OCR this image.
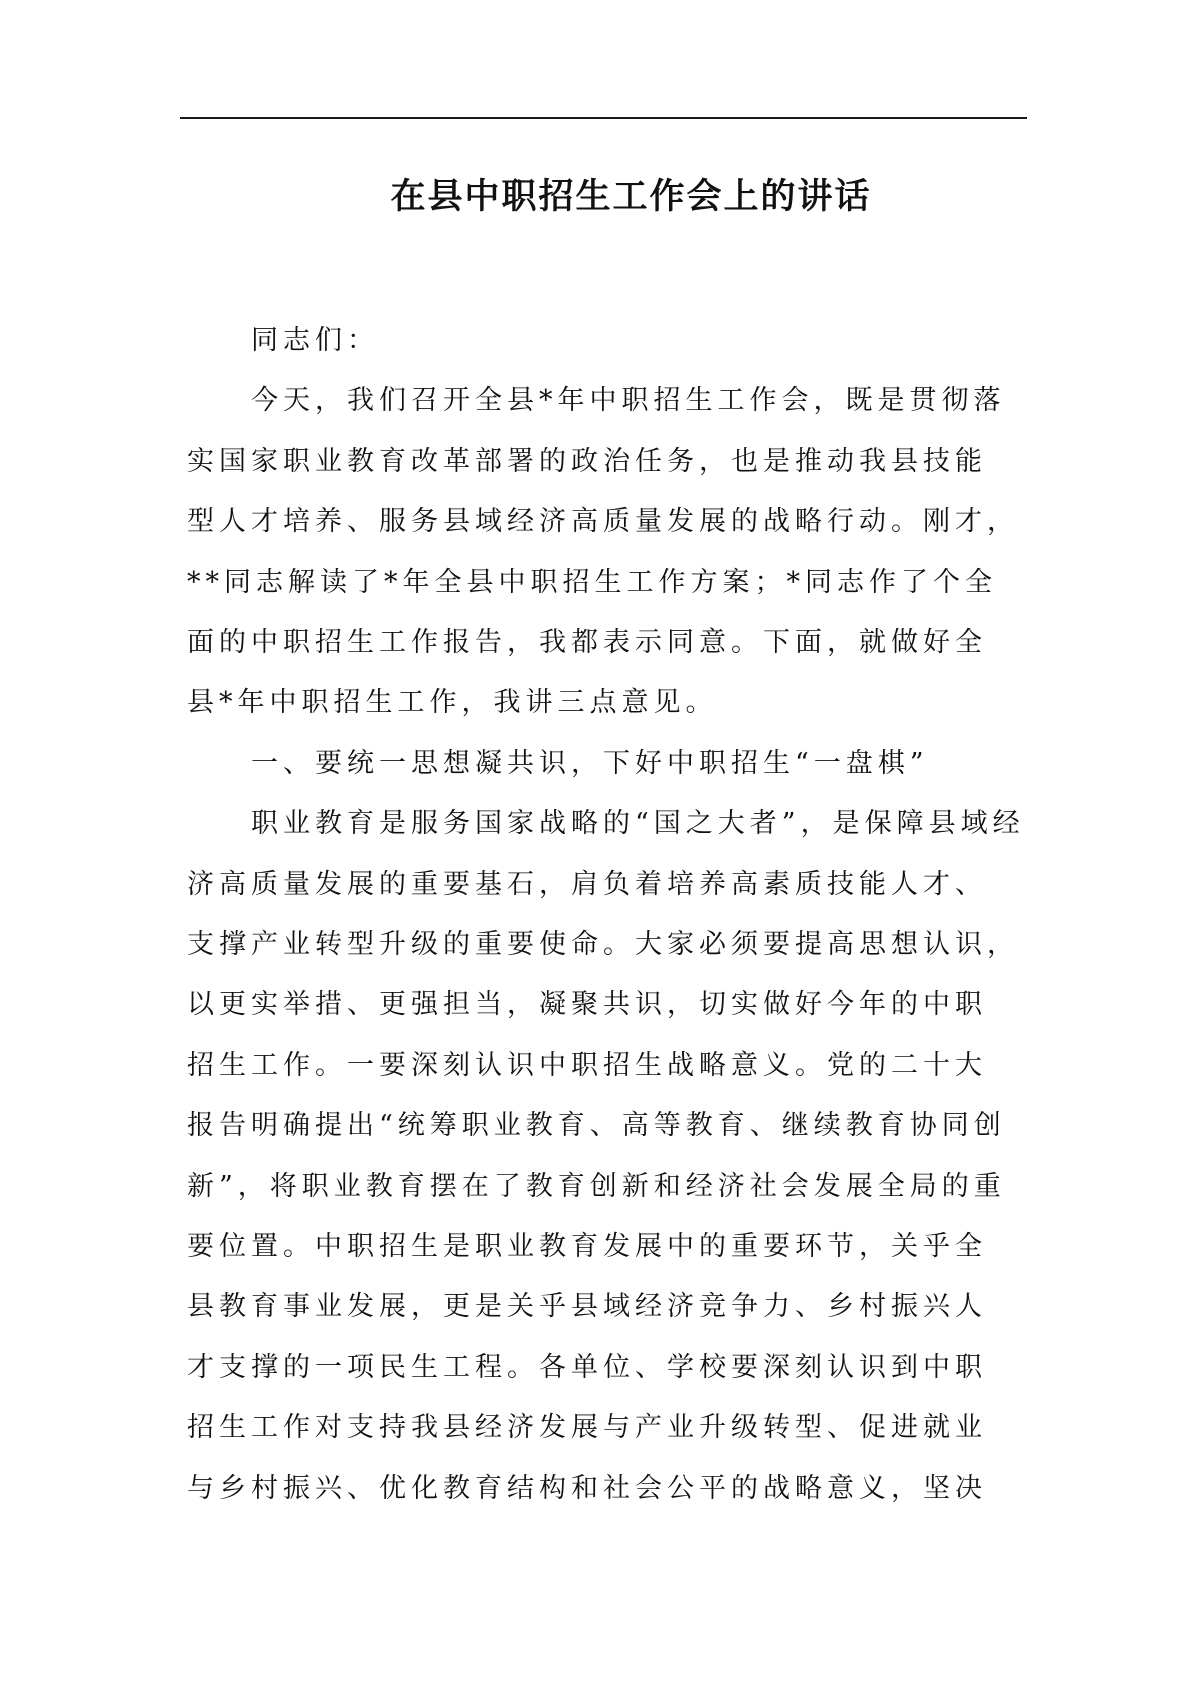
在县中职招生工作会上的讲话
同志们：
今天，我们召开全县*年中职招生工作会，既是贯彻落
实国家职业教育改革部署的政治任务，也是推动我县技能
型人才培养、服务县域经济高质量发展的战略行动。刚才，
**同志解读了*年全县中职招生工作方案；*同志作了个全
面的中职招生工作报告，我都表示同意。下面，就做好全
县*年中职招生工作，我讲三点意见。
一、要统一思想凝共识，下好中职招生“一盘棋”
职业教育是服务国家战略的“国之大者”，是保障县域经
济高质量发展的重要基石，肩负着培养高素质技能人才、
支撑产业转型升级的重要使命。大家必须要提高思想认识，
以更实举措、更强担当，凝聚共识，切实做好今年的中职
招生工作。一要深刻认识中职招生战略意义。党的二十大
报告明确提出“统筹职业教育、高等教育、继续教育协同创
新”，将职业教育摆在了教育创新和经济社会发展全局的重
要位置。中职招生是职业教育发展中的重要环节，关乎全
县教育事业发展，更是关乎县域经济竞争力、乡村振兴人
才支撑的一项民生工程。各单位、学校要深刻认识到中职
招生工作对支持我县经济发展与产业升级转型、促进就业
与乡村振兴、优化教育结构和社会公平的战略意义，坚决
